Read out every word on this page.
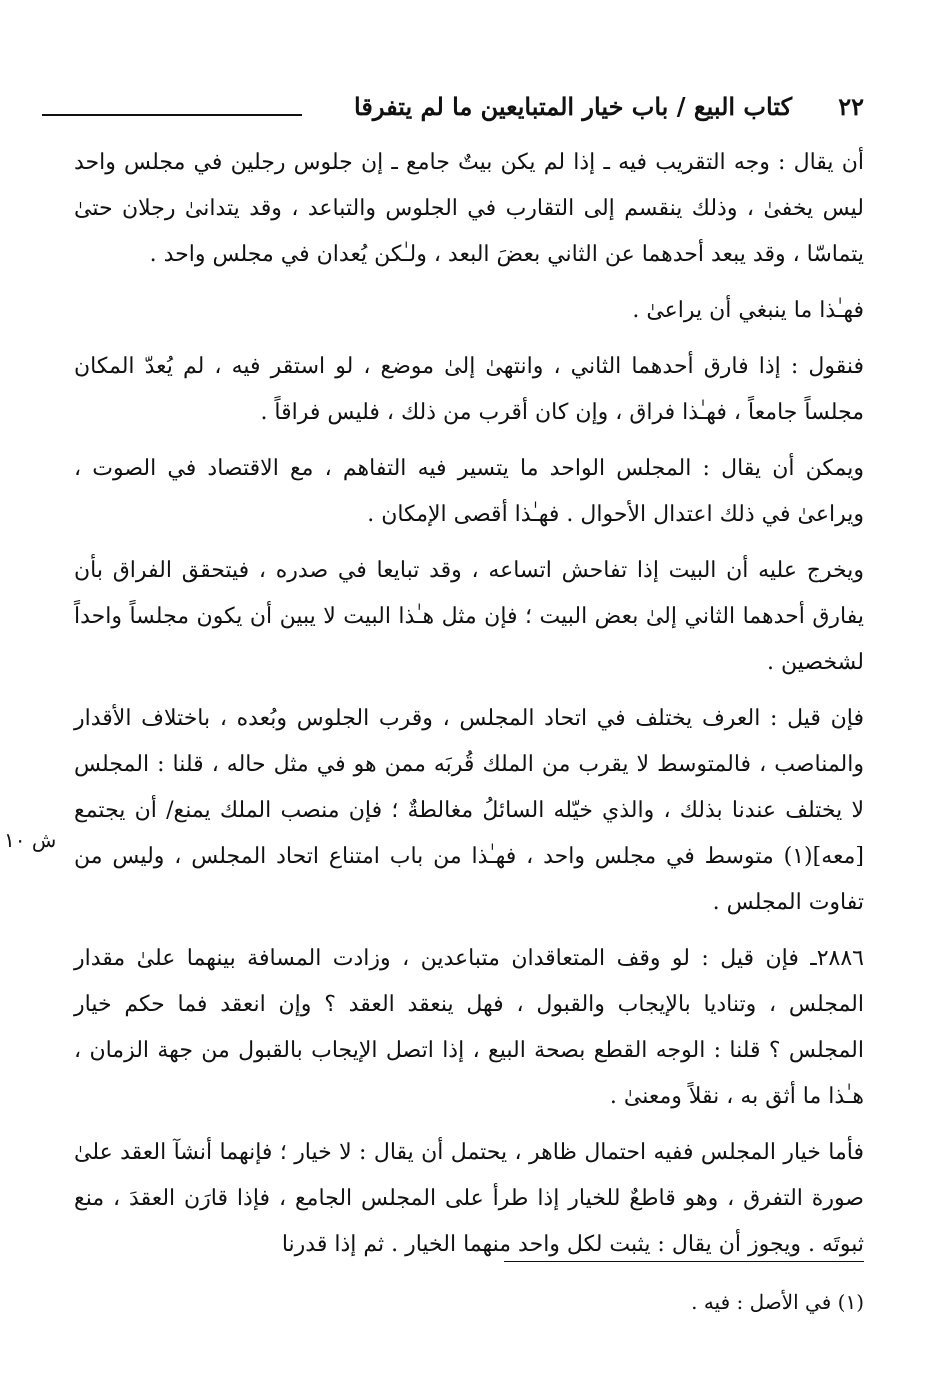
٢٢
كتاب البيع / باب خيار المتبايعين ما لم يتفرقا

أن يقال : وجه التقريب فيه ـ إذا لم يكن بيتٌ جامع ـ إن جلوس رجلين في مجلس واحد ليس يخفىٰ ، وذلك ينقسم إلى التقارب في الجلوس والتباعد ، وقد يتدانىٰ رجلان حتىٰ يتماسّا ، وقد يبعد أحدهما عن الثاني بعضَ البعد ، ولـٰكن يُعدان في مجلس واحد .

فهـٰذا ما ينبغي أن يراعىٰ .

فنقول : إذا فارق أحدهما الثاني ، وانتهىٰ إلىٰ موضع ، لو استقر فيه ، لم يُعدّ المكان مجلساً جامعاً ، فهـٰذا فراق ، وإن كان أقرب من ذلك ، فليس فراقاً .

ويمكن أن يقال : المجلس الواحد ما يتسير فيه التفاهم ، مع الاقتصاد في الصوت ، ويراعىٰ في ذلك اعتدال الأحوال . فهـٰذا أقصى الإمكان .

ويخرج عليه أن البيت إذا تفاحش اتساعه ، وقد تبايعا في صدره ، فيتحقق الفراق بأن يفارق أحدهما الثاني إلىٰ بعض البيت ؛ فإن مثل هـٰذا البيت لا يبين أن يكون مجلساً واحداً لشخصين .

فإن قيل : العرف يختلف في اتحاد المجلس ، وقرب الجلوس وبُعده ، باختلاف الأقدار والمناصب ، فالمتوسط لا يقرب من الملك قُربَه ممن هو في مثل حاله ، قلنا : المجلس لا يختلف عندنا بذلك ، والذي خيّله السائلُ مغالطةٌ ؛ فإن منصب الملك يمنع/ أن يجتمع [معه](١) متوسط في مجلس واحد ، فهـٰذا من باب امتناع اتحاد المجلس ، وليس من تفاوت المجلس .

٢٨٨٦ـ فإن قيل : لو وقف المتعاقدان متباعدين ، وزادت المسافة بينهما علىٰ مقدار المجلس ، وتناديا بالإيجاب والقبول ، فهل ينعقد العقد ؟ وإن انعقد فما حكم خيار المجلس ؟ قلنا : الوجه القطع بصحة البيع ، إذا اتصل الإيجاب بالقبول من جهة الزمان ، هـٰذا ما أثق به ، نقلاً ومعنىٰ .

فأما خيار المجلس ففيه احتمال ظاهر ، يحتمل أن يقال : لا خيار ؛ فإنهما أنشآ العقد علىٰ صورة التفرق ، وهو قاطعٌ للخيار إذا طرأ على المجلس الجامع ، فإذا قارَن العقدَ ، منع ثبوتَه . ويجوز أن يقال : يثبت لكل واحد منهما الخيار . ثم إذا قدرنا

ش ١٠
(١) في الأصل : فيه .
